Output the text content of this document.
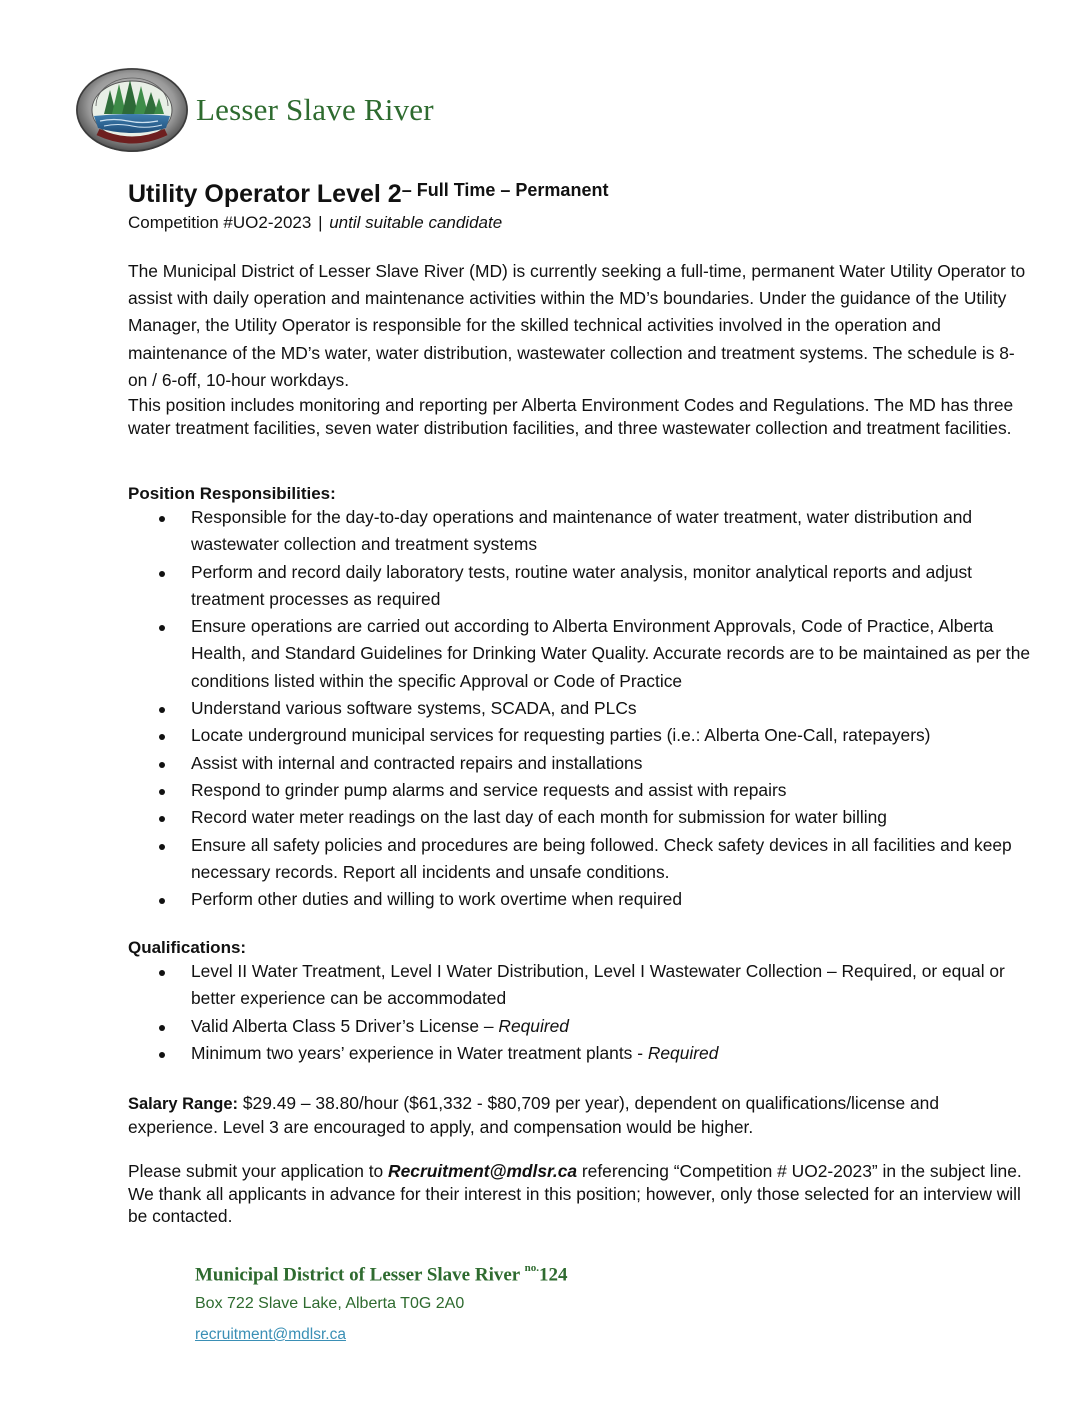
Lesser Slave River
Utility Operator Level 2– Full Time – Permanent
Competition #UO2-2023 | until suitable candidate
The Municipal District of Lesser Slave River (MD) is currently seeking a full-time, permanent Water Utility Operator to assist with daily operation and maintenance activities within the MD’s boundaries. Under the guidance of the Utility Manager, the Utility Operator is responsible for the skilled technical activities involved in the operation and maintenance of the MD’s water, water distribution, wastewater collection and treatment systems. The schedule is 8-on / 6-off, 10-hour workdays.
This position includes monitoring and reporting per Alberta Environment Codes and Regulations. The MD has three water treatment facilities, seven water distribution facilities, and three wastewater collection and treatment facilities.
Position Responsibilities:
Responsible for the day-to-day operations and maintenance of water treatment, water distribution and wastewater collection and treatment systems
Perform and record daily laboratory tests, routine water analysis, monitor analytical reports and adjust treatment processes as required
Ensure operations are carried out according to Alberta Environment Approvals, Code of Practice, Alberta Health, and Standard Guidelines for Drinking Water Quality. Accurate records are to be maintained as per the conditions listed within the specific Approval or Code of Practice
Understand various software systems, SCADA, and PLCs
Locate underground municipal services for requesting parties (i.e.: Alberta One-Call, ratepayers)
Assist with internal and contracted repairs and installations
Respond to grinder pump alarms and service requests and assist with repairs
Record water meter readings on the last day of each month for submission for water billing
Ensure all safety policies and procedures are being followed. Check safety devices in all facilities and keep necessary records. Report all incidents and unsafe conditions.
Perform other duties and willing to work overtime when required
Qualifications:
Level II Water Treatment, Level I Water Distribution, Level I Wastewater Collection – Required, or equal or better experience can be accommodated
Valid Alberta Class 5 Driver’s License – Required
Minimum two years’ experience in Water treatment plants - Required
Salary Range: $29.49 – 38.80/hour ($61,332 - $80,709 per year), dependent on qualifications/license and experience. Level 3 are encouraged to apply, and compensation would be higher.
Please submit your application to Recruitment@mdlsr.ca referencing “Competition # UO2-2023” in the subject line. We thank all applicants in advance for their interest in this position; however, only those selected for an interview will be contacted.
Municipal District of Lesser Slave River $^{no.}$124
Box 722 Slave Lake, Alberta T0G 2A0
recruitment@mdlsr.ca
